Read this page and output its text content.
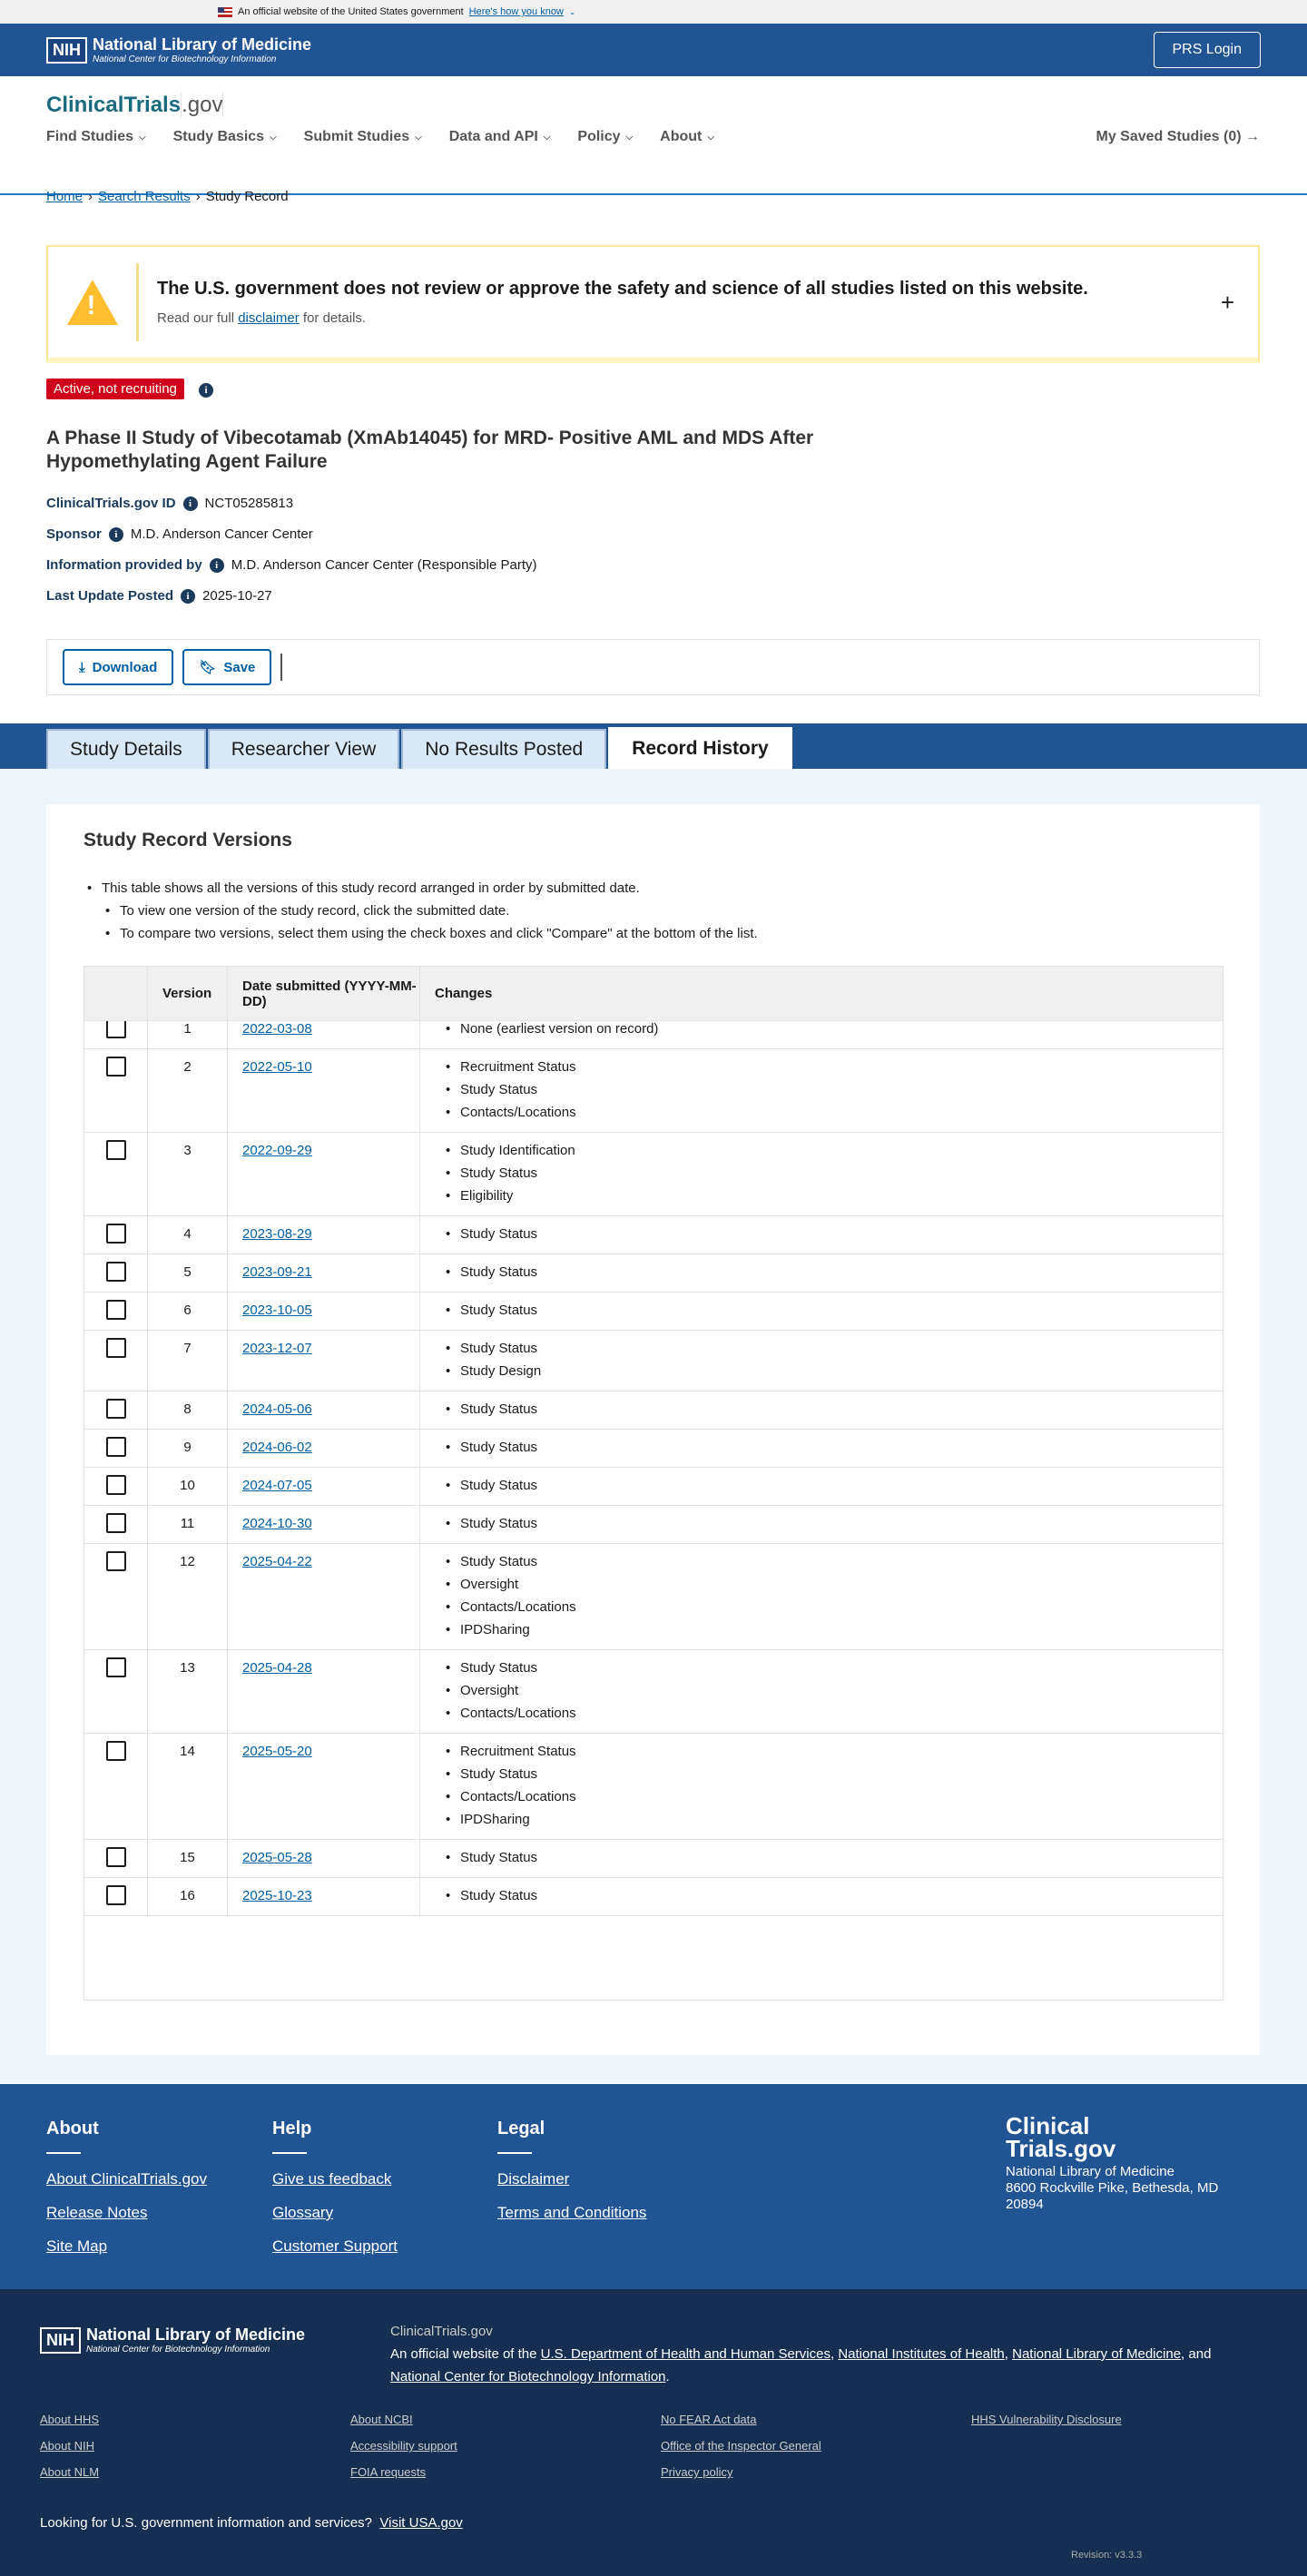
An official website of the United States government Here's how you know ⌄
NIH National Library of Medicine
National Center for Biotechnology Information
PRS Login
ClinicalTrials.gov
Find Studies ⌵ Study Basics ⌵ Submit Studies ⌵ Data and API ⌵ Policy ⌵ About ⌵	My Saved Studies (0) →
Home › Search Results › Study Record
!
The U.S. government does not review or approve the safety and science of all studies listed on this website.
Read our full disclaimer for details.
+
Active, not recruiting	i
A Phase II Study of Vibecotamab (XmAb14045) for MRD- Positive AML and MDS After Hypomethylating Agent Failure
ClinicalTrials.gov ID	i NCT05285813
Sponsor	i M.D. Anderson Cancer Center
Information provided by	i M.D. Anderson Cancer Center (Responsible Party)
Last Update Posted	i 2025-10-27
⤓ Download	🔖︎ Save
Study Details	Researcher View	No Results Posted	Record History
Study Record Versions
• This table shows all the versions of this study record arranged in order by submitted date.
• To view one version of the study record, click the submitted date.
• To compare two versions, select them using the check boxes and click "Compare" at the bottom of the list.
Version	Date submitted (YYYY-MM-DD)	Changes
1	2022-03-08	• None (earliest version on record)
2	2022-05-10	• Recruitment Status
• Study Status
• Contacts/Locations
3	2022-09-29	• Study Identification
• Study Status
• Eligibility
4	2023-08-29	• Study Status
5	2023-09-21	• Study Status
6	2023-10-05	• Study Status
7	2023-12-07	• Study Status
• Study Design
8	2024-05-06	• Study Status
9	2024-06-02	• Study Status
10	2024-07-05	• Study Status
11	2024-10-30	• Study Status
12	2025-04-22	• Study Status
• Oversight
• Contacts/Locations
• IPDSharing
13	2025-04-28	• Study Status
• Oversight
• Contacts/Locations
14	2025-05-20	• Recruitment Status
• Study Status
• Contacts/Locations
• IPDSharing
15	2025-05-28	• Study Status
16	2025-10-23	• Study Status
About
About ClinicalTrials.gov
Release Notes
Site Map
Help
Give us feedback
Glossary
Customer Support
Legal
Disclaimer
Terms and Conditions
Clinical
Trials.gov
National Library of Medicine
8600 Rockville Pike, Bethesda, MD 20894
NIH National Library of Medicine
National Center for Biotechnology Information
ClinicalTrials.gov
An official website of the U.S. Department of Health and Human Services, National Institutes of Health, National Library of Medicine, and National Center for Biotechnology Information.
About HHS
About NIH
About NLM
About NCBI
Accessibility support
FOIA requests
No FEAR Act data
Office of the Inspector General
Privacy policy
HHS Vulnerability Disclosure
Looking for U.S. government information and services? Visit USA.gov
Revision: v3.3.3
